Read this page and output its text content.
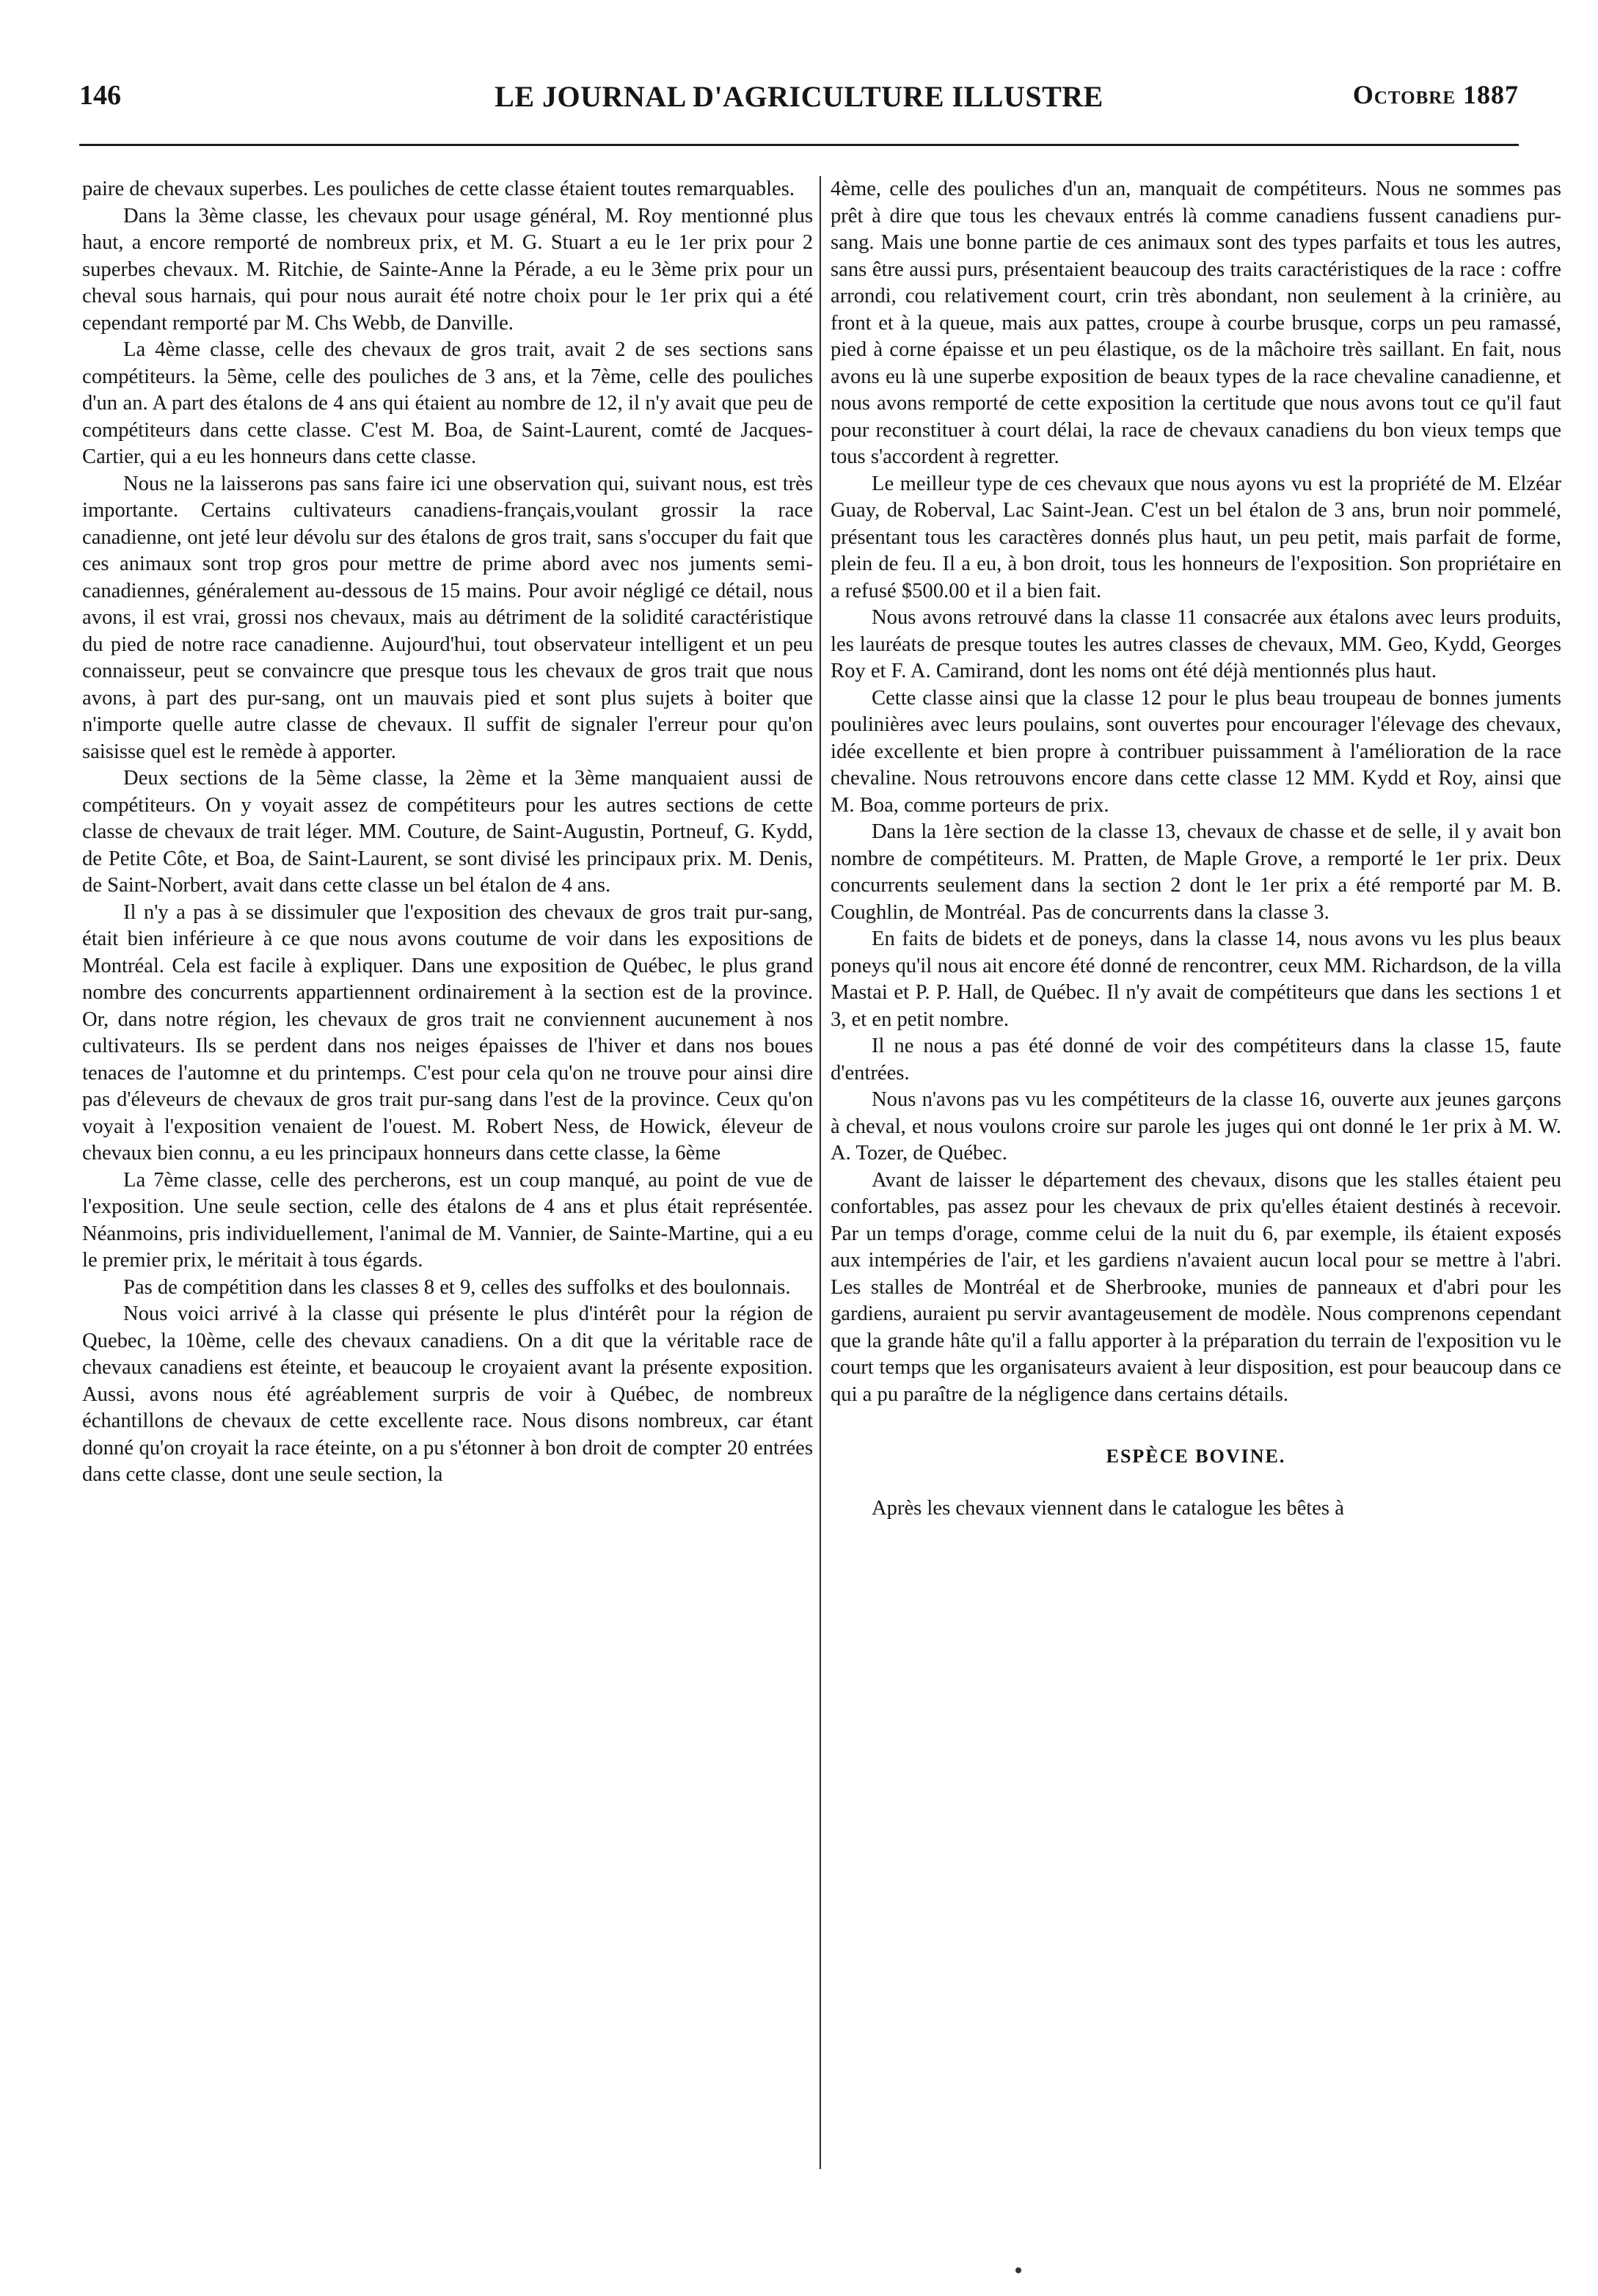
146	LE JOURNAL D'AGRICULTURE ILLUSTRE	Octobre 1887

paire de chevaux superbes. Les pouliches de cette classe étaient toutes remarquables.

Dans la 3ème classe, les chevaux pour usage général, M. Roy mentionné plus haut, a encore remporté de nombreux prix, et M. G. Stuart a eu le 1er prix pour 2 superbes chevaux. M. Ritchie, de Sainte-Anne la Pérade, a eu le 3ème prix pour un cheval sous harnais, qui pour nous aurait été notre choix pour le 1er prix qui a été cependant remporté par M. Chs Webb, de Danville.

La 4ème classe, celle des chevaux de gros trait, avait 2 de ses sections sans compétiteurs. la 5ème, celle des pouliches de 3 ans, et la 7ème, celle des pouliches d'un an. A part des étalons de 4 ans qui étaient au nombre de 12, il n'y avait que peu de compétiteurs dans cette classe. C'est M. Boa, de Saint-Laurent, comté de Jacques-Cartier, qui a eu les honneurs dans cette classe.

Nous ne la laisserons pas sans faire ici une observation qui, suivant nous, est très importante. Certains cultivateurs canadiens-français,voulant grossir la race canadienne, ont jeté leur dévolu sur des étalons de gros trait, sans s'occuper du fait que ces animaux sont trop gros pour mettre de prime abord avec nos juments semi-canadiennes, généralement au-dessous de 15 mains. Pour avoir négligé ce détail, nous avons, il est vrai, grossi nos chevaux, mais au détriment de la solidité caractéristique du pied de notre race canadienne. Aujourd'hui, tout observateur intelligent et un peu connaisseur, peut se convaincre que presque tous les chevaux de gros trait que nous avons, à part des pur-sang, ont un mauvais pied et sont plus sujets à boiter que n'importe quelle autre classe de chevaux. Il suffit de signaler l'erreur pour qu'on saisisse quel est le remède à apporter.

Deux sections de la 5ème classe, la 2ème et la 3ème manquaient aussi de compétiteurs. On y voyait assez de compétiteurs pour les autres sections de cette classe de chevaux de trait léger. MM. Couture, de Saint-Augustin, Portneuf, G. Kydd, de Petite Côte, et Boa, de Saint-Laurent, se sont divisé les principaux prix. M. Denis, de Saint-Norbert, avait dans cette classe un bel étalon de 4 ans.

Il n'y a pas à se dissimuler que l'exposition des chevaux de gros trait pur-sang, était bien inférieure à ce que nous avons coutume de voir dans les expositions de Montréal. Cela est facile à expliquer. Dans une exposition de Québec, le plus grand nombre des concurrents appartiennent ordinairement à la section est de la province. Or, dans notre région, les chevaux de gros trait ne conviennent aucunement à nos cultivateurs. Ils se perdent dans nos neiges épaisses de l'hiver et dans nos boues tenaces de l'automne et du printemps. C'est pour cela qu'on ne trouve pour ainsi dire pas d'éleveurs de chevaux de gros trait pur-sang dans l'est de la province. Ceux qu'on voyait à l'exposition venaient de l'ouest. M. Robert Ness, de Howick, éleveur de chevaux bien connu, a eu les principaux honneurs dans cette classe, la 6ème

La 7ème classe, celle des percherons, est un coup manqué, au point de vue de l'exposition. Une seule section, celle des étalons de 4 ans et plus était représentée. Néanmoins, pris individuellement, l'animal de M. Vannier, de Sainte-Martine, qui a eu le premier prix, le méritait à tous égards.

Pas de compétition dans les classes 8 et 9, celles des suffolks et des boulonnais.

Nous voici arrivé à la classe qui présente le plus d'intérêt pour la région de Quebec, la 10ème, celle des chevaux canadiens. On a dit que la véritable race de chevaux canadiens est éteinte, et beaucoup le croyaient avant la présente exposition. Aussi, avons nous été agréablement surpris de voir à Québec, de nombreux échantillons de chevaux de cette excellente race. Nous disons nombreux, car étant donné qu'on croyait la race éteinte, on a pu s'étonner à bon droit de compter 20 entrées dans cette classe, dont une seule section, la

4ème, celle des pouliches d'un an, manquait de compétiteurs. Nous ne sommes pas prêt à dire que tous les chevaux entrés là comme canadiens fussent canadiens pur-sang. Mais une bonne partie de ces animaux sont des types parfaits et tous les autres, sans être aussi purs, présentaient beaucoup des traits caractéristiques de la race : coffre arrondi, cou relativement court, crin très abondant, non seulement à la crinière, au front et à la queue, mais aux pattes, croupe à courbe brusque, corps un peu ramassé, pied à corne épaisse et un peu élastique, os de la mâchoire très saillant. En fait, nous avons eu là une superbe exposition de beaux types de la race chevaline canadienne, et nous avons remporté de cette exposition la certitude que nous avons tout ce qu'il faut pour reconstituer à court délai, la race de chevaux canadiens du bon vieux temps que tous s'accordent à regretter.

Le meilleur type de ces chevaux que nous ayons vu est la propriété de M. Elzéar Guay, de Roberval, Lac Saint-Jean. C'est un bel étalon de 3 ans, brun noir pommelé, présentant tous les caractères donnés plus haut, un peu petit, mais parfait de forme, plein de feu. Il a eu, à bon droit, tous les honneurs de l'exposition. Son propriétaire en a refusé $500.00 et il a bien fait.

Nous avons retrouvé dans la classe 11 consacrée aux étalons avec leurs produits, les lauréats de presque toutes les autres classes de chevaux, MM. Geo, Kydd, Georges Roy et F. A. Camirand, dont les noms ont été déjà mentionnés plus haut.

Cette classe ainsi que la classe 12 pour le plus beau troupeau de bonnes juments poulinières avec leurs poulains, sont ouvertes pour encourager l'élevage des chevaux, idée excellente et bien propre à contribuer puissamment à l'amélioration de la race chevaline. Nous retrouvons encore dans cette classe 12 MM. Kydd et Roy, ainsi que M. Boa, comme porteurs de prix.

Dans la 1ère section de la classe 13, chevaux de chasse et de selle, il y avait bon nombre de compétiteurs. M. Pratten, de Maple Grove, a remporté le 1er prix. Deux concurrents seulement dans la section 2 dont le 1er prix a été remporté par M. B. Coughlin, de Montréal. Pas de concurrents dans la classe 3.

En faits de bidets et de poneys, dans la classe 14, nous avons vu les plus beaux poneys qu'il nous ait encore été donné de rencontrer, ceux MM. Richardson, de la villa Mastai et P. P. Hall, de Québec. Il n'y avait de compétiteurs que dans les sections 1 et 3, et en petit nombre.

Il ne nous a pas été donné de voir des compétiteurs dans la classe 15, faute d'entrées.

Nous n'avons pas vu les compétiteurs de la classe 16, ouverte aux jeunes garçons à cheval, et nous voulons croire sur parole les juges qui ont donné le 1er prix à M. W. A. Tozer, de Québec.

Avant de laisser le département des chevaux, disons que les stalles étaient peu confortables, pas assez pour les chevaux de prix qu'elles étaient destinés à recevoir. Par un temps d'orage, comme celui de la nuit du 6, par exemple, ils étaient exposés aux intempéries de l'air, et les gardiens n'avaient aucun local pour se mettre à l'abri. Les stalles de Montréal et de Sherbrooke, munies de panneaux et d'abri pour les gardiens, auraient pu servir avantageusement de modèle. Nous comprenons cependant que la grande hâte qu'il a fallu apporter à la préparation du terrain de l'exposition vu le court temps que les organisateurs avaient à leur disposition, est pour beaucoup dans ce qui a pu paraître de la négligence dans certains détails.

ESPÈCE BOVINE.

Après les chevaux viennent dans le catalogue les bêtes à
